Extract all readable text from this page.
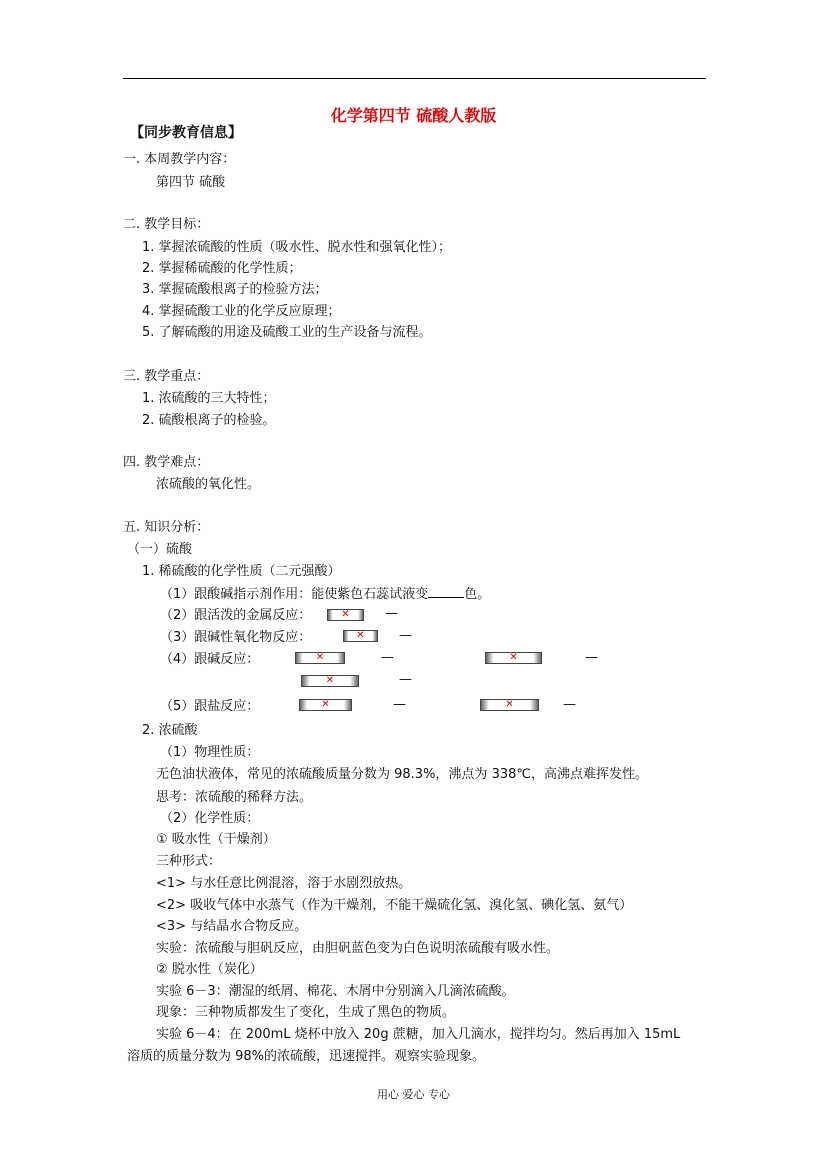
化学第四节 硫酸人教版
【同步教育信息】
一. 本周教学内容：
第四节 硫酸
二. 教学目标：
1. 掌握浓硫酸的性质（吸水性、脱水性和强氧化性）；
2. 掌握稀硫酸的化学性质；
3. 掌握硫酸根离子的检验方法；
4. 掌握硫酸工业的化学反应原理；
5. 了解硫酸的用途及硫酸工业的生产设备与流程。
三. 教学重点：
1. 浓硫酸的三大特性；
2. 硫酸根离子的检验。
四. 教学难点：
浓硫酸的氧化性。
五. 知识分析：
（一）硫酸
1. 稀硫酸的化学性质（二元强酸）
（1）跟酸碱指示剂作用：能使紫色石蕊试液变	色。
（2）跟活泼的金属反应： ✕	—
（3）跟碱性氧化物反应： ✕	—
（4）跟碱反应： ✕	— ✕	—
✕
—
（5）跟盐反应： ✕	— ✕	—
2. 浓硫酸
（1）物理性质：
无色油状液体，常见的浓硫酸质量分数为 98.3%，沸点为 338℃，高沸点难挥发性。
思考：浓硫酸的稀释方法。
（2）化学性质：
① 吸水性（干燥剂）
三种形式：
<1> 与水任意比例混溶，溶于水剧烈放热。
<2> 吸收气体中水蒸气（作为干燥剂，不能干燥硫化氢、溴化氢、碘化氢、氨气）
<3> 与结晶水合物反应。
实验：浓硫酸与胆矾反应，由胆矾蓝色变为白色说明浓硫酸有吸水性。
② 脱水性（炭化）
实验 6－3：潮湿的纸屑、棉花、木屑中分别滴入几滴浓硫酸。
现象：三种物质都发生了变化，生成了黑色的物质。
实验 6－4：在 200mL 烧杯中放入 20g 蔗糖，加入几滴水，搅拌均匀。然后再加入 15mL
溶质的质量分数为 98%的浓硫酸，迅速搅拌。观察实验现象。
用心 爱心 专心
